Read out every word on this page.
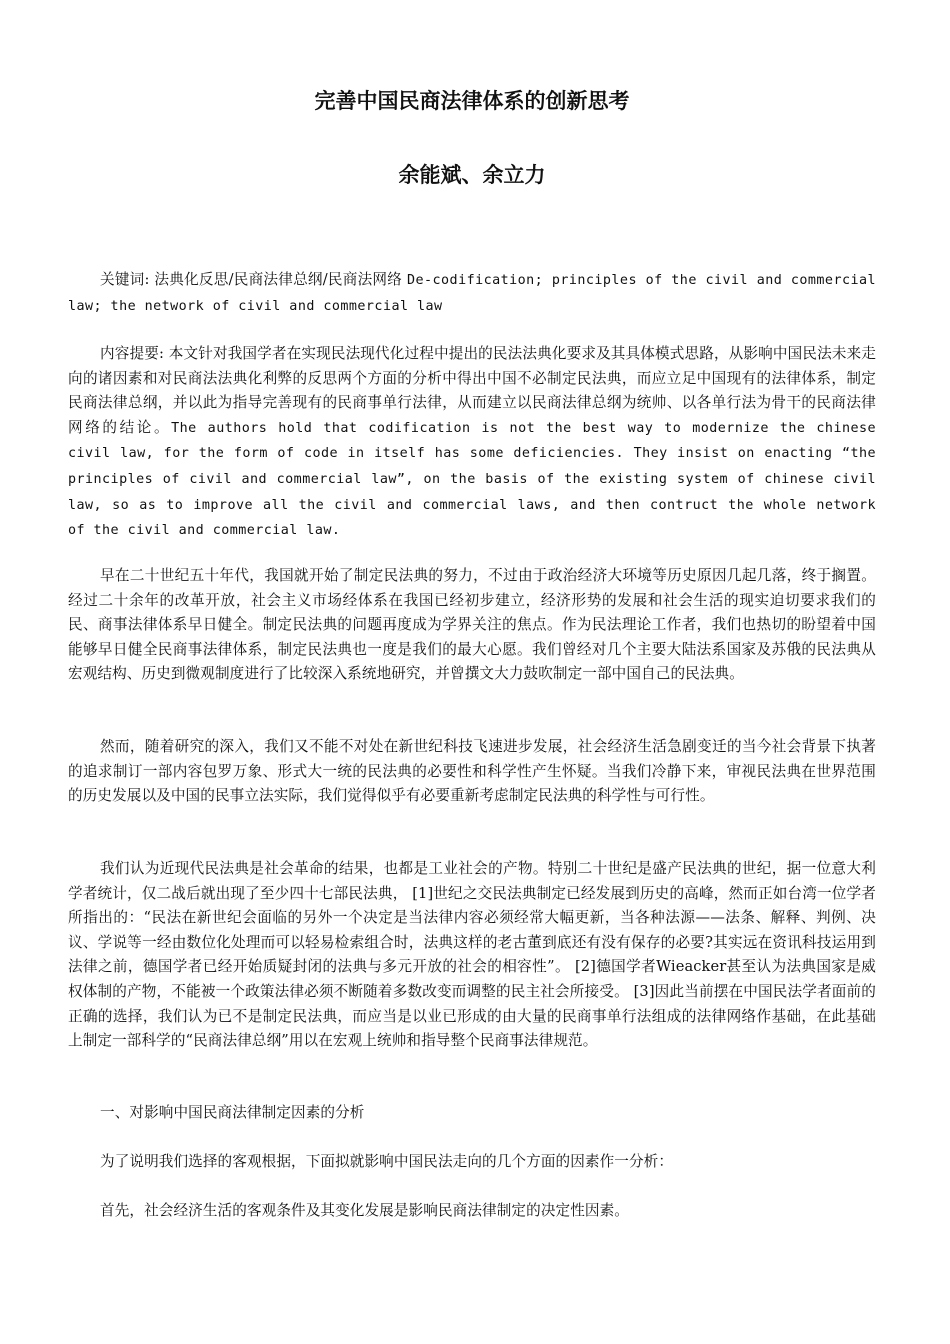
完善中国民商法律体系的创新思考
余能斌、余立力

关键词: 法典化反思/民商法律总纲/民商法网络 De-codification; principles of the civil and commercial law; the network of civil and commercial law

内容提要: 本文针对我国学者在实现民法现代化过程中提出的民法法典化要求及其具体模式思路，从影响中国民法未来走向的诸因素和对民商法法典化利弊的反思两个方面的分析中得出中国不必制定民法典，而应立足中国现有的法律体系，制定民商法律总纲，并以此为指导完善现有的民商事单行法律，从而建立以民商法律总纲为统帅、以各单行法为骨干的民商法律网络的结论。The authors hold that codification is not the best way to modernize the chinese civil law, for the form of code in itself has some deficiencies. They insist on enacting “the principles of civil and commercial law”, on the basis of the existing system of chinese civil law, so as to improve all the civil and commercial laws, and then contruct the whole network of the civil and commercial law.

早在二十世纪五十年代，我国就开始了制定民法典的努力，不过由于政治经济大环境等历史原因几起几落，终于搁置。经过二十余年的改革开放，社会主义市场经体系在我国已经初步建立，经济形势的发展和社会生活的现实迫切要求我们的民、商事法律体系早日健全。制定民法典的问题再度成为学界关注的焦点。作为民法理论工作者，我们也热切的盼望着中国能够早日健全民商事法律体系，制定民法典也一度是我们的最大心愿。我们曾经对几个主要大陆法系国家及苏俄的民法典从宏观结构、历史到微观制度进行了比较深入系统地研究，并曾撰文大力鼓吹制定一部中国自己的民法典。

然而，随着研究的深入，我们又不能不对处在新世纪科技飞速进步发展，社会经济生活急剧变迁的当今社会背景下执著的追求制订一部内容包罗万象、形式大一统的民法典的必要性和科学性产生怀疑。当我们冷静下来，审视民法典在世界范围的历史发展以及中国的民事立法实际，我们觉得似乎有必要重新考虑制定民法典的科学性与可行性。

我们认为近现代民法典是社会革命的结果，也都是工业社会的产物。特别二十世纪是盛产民法典的世纪，据一位意大利学者统计，仅二战后就出现了至少四十七部民法典， [1]世纪之交民法典制定已经发展到历史的高峰，然而正如台湾一位学者所指出的：“民法在新世纪会面临的另外一个决定是当法律内容必须经常大幅更新，当各种法源——法条、解释、判例、决议、学说等一经由数位化处理而可以轻易检索组合时，法典这样的老古董到底还有没有保存的必要?其实远在资讯科技运用到法律之前，德国学者已经开始质疑封闭的法典与多元开放的社会的相容性”。 [2]德国学者Wieacker甚至认为法典国家是威权体制的产物，不能被一个政策法律必须不断随着多数改变而调整的民主社会所接受。 [3]因此当前摆在中国民法学者面前的正确的选择，我们认为已不是制定民法典，而应当是以业已形成的由大量的民商事单行法组成的法律网络作基础，在此基础上制定一部科学的“民商法律总纲”用以在宏观上统帅和指导整个民商事法律规范。

一、对影响中国民商法律制定因素的分析

为了说明我们选择的客观根据，下面拟就影响中国民法走向的几个方面的因素作一分析：

首先，社会经济生活的客观条件及其变化发展是影响民商法律制定的决定性因素。
